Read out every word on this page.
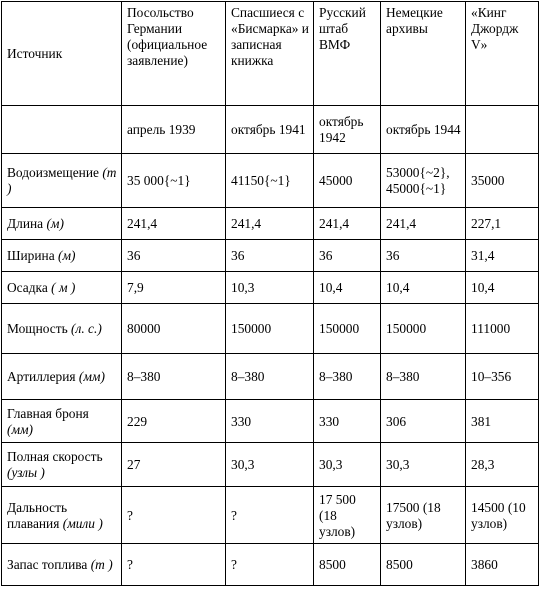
Источник	Посольство Германии (официальное заявление)	Спасшиеся с «Бисмарка» и записная книжка	Русский штаб ВМФ	Немецкие архивы	«Кинг Джордж V»
	апрель 1939	октябрь 1941	октябрь 1942	октябрь 1944	
Водоизмещение (т )	35 000{~1}	41150{~1}	45000	53000{~2}, 45000{~1}	35000
Длина (м)	241,4	241,4	241,4	241,4	227,1
Ширина (м)	36	36	36	36	31,4
Осадка ( м )	7,9	10,3	10,4	10,4	10,4
Мощность (л. с.)	80000	150000	150000	150000	111000
Артиллерия (мм)	8–380	8–380	8–380	8–380	10–356
Главная броня (мм)	229	330	330	306	381
Полная скорость (узлы )	27	30,3	30,3	30,3	28,3
Дальность плавания (мили )	?	?	17 500 (18 узлов)	17500 (18 узлов)	14500 (10 узлов)
Запас топлива (т )	?	?	8500	8500	3860
